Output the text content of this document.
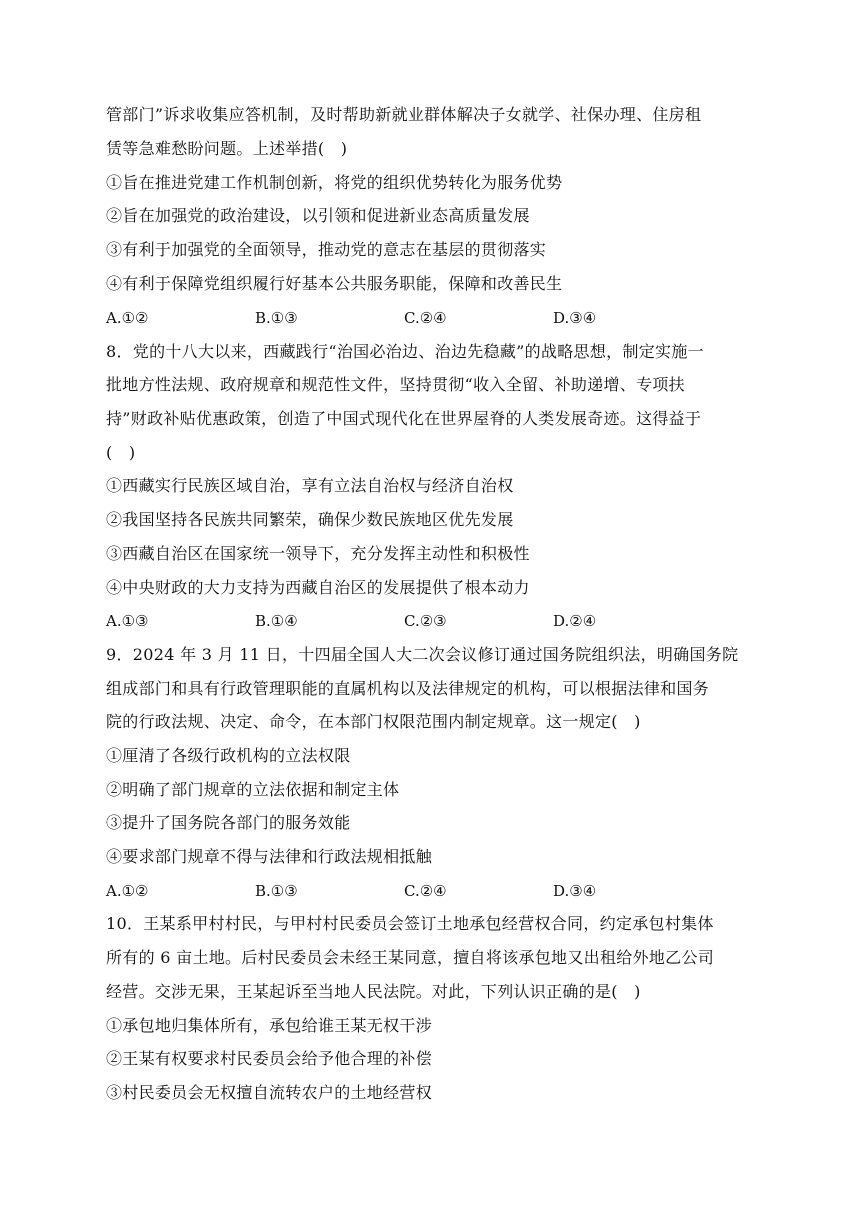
管部门”诉求收集应答机制，及时帮助新就业群体解决子女就学、社保办理、住房租
赁等急难愁盼问题。上述举措(　)
①旨在推进党建工作机制创新，将党的组织优势转化为服务优势
②旨在加强党的政治建设，以引领和促进新业态高质量发展
③有利于加强党的全面领导，推动党的意志在基层的贯彻落实
④有利于保障党组织履行好基本公共服务职能，保障和改善民生
A.①②	B.①③	C.②④	D.③④
8．党的十八大以来，西藏践行“治国必治边、治边先稳藏”的战略思想，制定实施一
批地方性法规、政府规章和规范性文件，坚持贯彻“收入全留、补助递增、专项扶
持”财政补贴优惠政策，创造了中国式现代化在世界屋脊的人类发展奇迹。这得益于
(　)
①西藏实行民族区域自治，享有立法自治权与经济自治权
②我国坚持各民族共同繁荣，确保少数民族地区优先发展
③西藏自治区在国家统一领导下，充分发挥主动性和积极性
④中央财政的大力支持为西藏自治区的发展提供了根本动力
A.①③	B.①④	C.②③	D.②④
9．2024 年 3 月 11 日，十四届全国人大二次会议修订通过国务院组织法，明确国务院
组成部门和具有行政管理职能的直属机构以及法律规定的机构，可以根据法律和国务
院的行政法规、决定、命令，在本部门权限范围内制定规章。这一规定(　)
①厘清了各级行政机构的立法权限
②明确了部门规章的立法依据和制定主体
③提升了国务院各部门的服务效能
④要求部门规章不得与法律和行政法规相抵触
A.①②	B.①③	C.②④	D.③④
10．王某系甲村村民，与甲村村民委员会签订土地承包经营权合同，约定承包村集体
所有的 6 亩土地。后村民委员会未经王某同意，擅自将该承包地又出租给外地乙公司
经营。交涉无果，王某起诉至当地人民法院。对此，下列认识正确的是(　)
①承包地归集体所有，承包给谁王某无权干涉
②王某有权要求村民委员会给予他合理的补偿
③村民委员会无权擅自流转农户的土地经营权
